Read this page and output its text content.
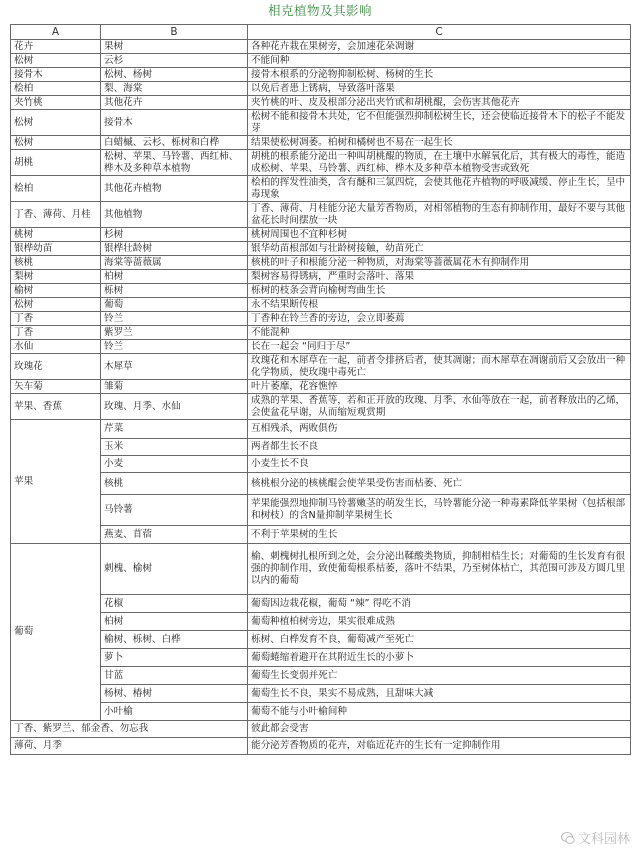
相克植物及其影响
A	B	C
花卉	果树	各种花卉栽在果树旁，会加速花朵凋谢
松树	云杉	不能间种
接骨木	松树、杨树	接骨木根系的分泌物抑制松树、杨树的生长
桧柏	梨、海棠	以免后者患上锈病，导致落叶落果
夹竹桃	其他花卉	夹竹桃的叶、皮及根部分泌出夹竹甙和胡桃醌，会伤害其他花卉
松树	接骨木	松树不能和接骨木共处，它不但能强烈抑制松树生长，还会使临近接骨木下的松子不能发芽
松树	白蜡槭、云杉、栎树和白桦	结果使松树凋萎。柏树和橘树也不易在一起生长
胡桃	松树、苹果、马铃薯、西红柿、桦木及多种草本植物	胡桃的根系能分泌出一种叫胡桃醌的物质，在土壤中水解氧化后，其有极大的毒性，能造成松树、苹果、马铃薯、西红柿、桦木及多种草本植物受害或致死
桧柏	其他花卉植物	桧柏的挥发性油类，含有醚和三氯四烷，会使其他花卉植物的呼吸减缓、停止生长，呈中毒现象
丁香、薄荷、月桂	其他植物	丁香、薄荷、月桂能分泌大量芳香物质，对相邻植物的生态有抑制作用，最好不要与其他盆花长时间摆放一块
桃树	杉树	桃树周围也不宜种杉树
银桦幼苗	银桦壮龄树	银华幼苗根部如与壮龄树接触，幼苗死亡
核桃	海棠等蔷薇属	核桃的叶子和根能分泌一种物质，对海棠等蔷薇属花木有抑制作用
梨树	柏树	梨树容易得锈病，严重时会落叶、落果
榆树	栎树	栎树的枝条会背向榆树弯曲生长
松树	葡萄	永不结果断传根
丁香	铃兰	丁香种在铃兰香的旁边，会立即萎蔫
丁香	紫罗兰	不能混种
水仙	铃兰	长在一起会 “同归于尽”
玫瑰花	木犀草	玫瑰花和木犀草在一起，前者令排挤后者，使其凋谢；而木犀草在凋谢前后又会放出一种化学物质，使玫瑰中毒死亡
矢车菊	雏菊	叶片萎靡，花容憔悴
苹果、香蕉	玫瑰、月季、水仙	成熟的苹果、香蕉等，若和正开放的玫瑰、月季、水仙等放在一起，前者释放出的乙烯，会使盆花早谢，从而缩短观赏期
苹果	芹菜	互相残杀，两败俱伤
	玉米	两者都生长不良
	小麦	小麦生长不良
	核桃	核桃根分泌的核桃醌会使苹果受伤害而枯萎、死亡
	马铃薯	苹果能强烈地抑制马铃薯嫩茎的萌发生长，马铃薯能分泌一种毒素降低苹果树（包括根部和树枝）的含N量抑制苹果树生长
	燕麦、苜蓿	不利于苹果树的生长
葡萄	刺槐、榆树	榆、刺槐树扎根所到之处，会分泌出鞣酸类物质，抑制柑桔生长；对葡萄的生长发育有很强的抑制作用，致使葡萄根系枯萎，落叶不结果，乃至树体枯亡，其范围可涉及方圆几里以内的葡萄
	花椒	葡萄因边栽花椒，葡萄 “辣” 得吃不消
	柏树	葡萄种植柏树旁边，果实很难成熟
	榆树、栎树、白桦	栎树、白桦发育不良，葡萄减产至死亡
	萝卜	葡萄蜷缩着避开在其附近生长的小萝卜
	甘蓝	葡萄生长变弱并死亡
	杨树、椿树	葡萄生长不良，果实不易成熟，且甜味大减
	小叶榆	葡萄不能与小叶榆间种
丁香、紫罗兰、郁金香、勿忘我		彼此都会受害
薄荷、月季		能分泌芳香物质的花卉，对临近花卉的生长有一定抑制作用
文科园林
